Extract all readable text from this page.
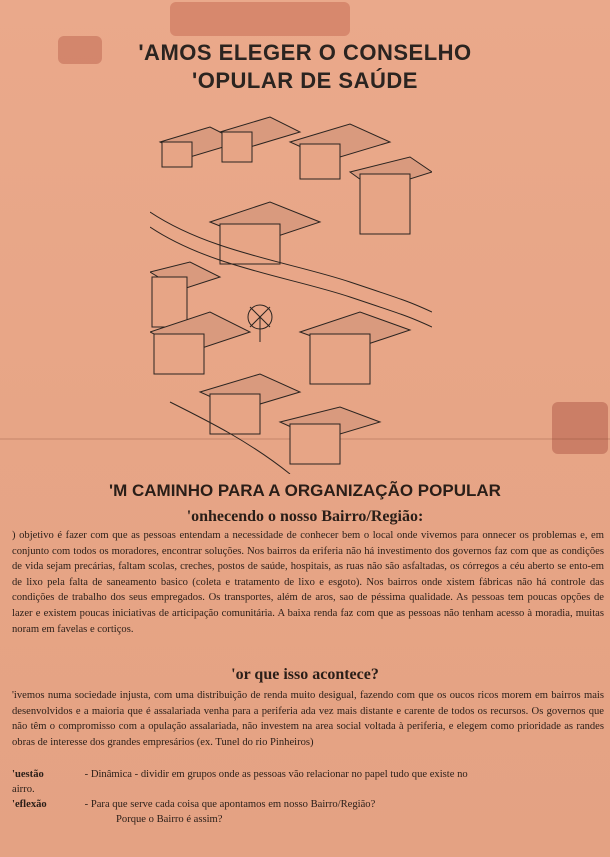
'AMOS ELEGER O CONSELHO
'OPULAR DE SAÚDE
'M CAMINHO PARA A ORGANIZAÇÃO POPULAR
'onhecendo o nosso Bairro/Região:

) objetivo é fazer com que as pessoas entendam a necessidade de conhecer bem o local onde vivemos para onnecer os problemas e, em conjunto com todos os moradores, encontrar soluções. Nos bairros da eriferia não há investimento dos governos faz com que as condições de vida sejam precárias, faltam scolas, creches, postos de saúde, hospitais, as ruas não são asfaltadas, os córregos a céu aberto se ento-em de lixo pela falta de saneamento basico (coleta e tratamento de lixo e esgoto). Nos bairros onde xistem fábricas não há controle das condições de trabalho dos seus empregados. Os transportes, além de aros, sao de péssima qualidade. As pessoas tem poucas opções de lazer e existem poucas iniciativas de articipação comunitária. A baixa renda faz com que as pessoas não tenham acesso à moradia, muitas noram em favelas e cortiços.

'or que isso acontece?

'ivemos numa sociedade injusta, com uma distribuição de renda muito desigual, fazendo com que os oucos ricos morem em bairros mais desenvolvidos e a maioria que é assalariada venha para a periferia ada vez mais distante e carente de todos os recursos. Os governos que não têm o compromisso com a opulação assalariada, não investem na area social voltada à periferia, e elegem como prioridade as randes obras de interesse dos grandes empresários (ex. Tunel do rio Pinheiros)

'uestão	- Dinâmica - dividir em grupos onde as pessoas vão relacionar no papel tudo que existe no
airro.
'eflexão	- Para que serve cada coisa que apontamos em nosso Bairro/Região?
Porque o Bairro é assim?
